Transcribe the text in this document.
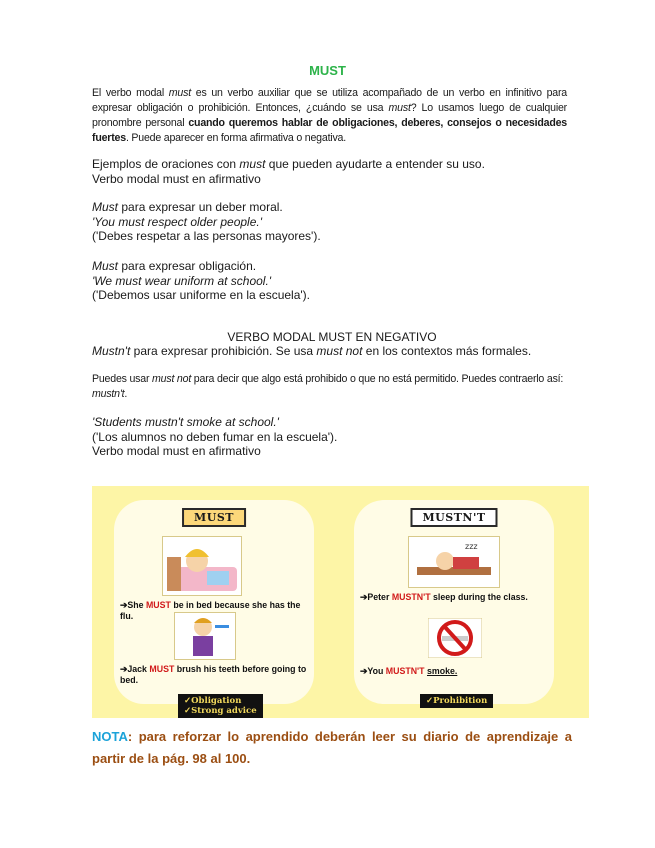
MUST
El verbo modal must es un verbo auxiliar que se utiliza acompañado de un verbo en infinitivo para expresar obligación o prohibición. Entonces, ¿cuándo se usa must? Lo usamos luego de cualquier pronombre personal cuando queremos hablar de obligaciones, deberes, consejos o necesidades fuertes. Puede aparecer en forma afirmativa o negativa.

Ejemplos de oraciones con must que pueden ayudarte a entender su uso.

Verbo modal must en afirmativo

Must para expresar un deber moral.

'You must respect older people.'

('Debes respetar a las personas mayores').

Must para expresar obligación.

'We must wear uniform at school.'

('Debemos usar uniforme en la escuela').

VERBO MODAL MUST EN NEGATIVO
Mustn't para expresar prohibición. Se usa must not en los contextos más formales.
Puedes usar must not para decir que algo está prohibido o que no está permitido. Puedes contraerlo así: mustn't.

'Students mustn't smoke at school.'

('Los alumnos no deben fumar en la escuela').

Verbo modal must en afirmativo

MUST
➔She MUST be in bed because she has the flu.
➔Jack MUST brush his teeth before going to bed.
✓Obligation
✓Strong advice
MUSTN'T
zzz
➔Peter MUSTN'T sleep during the class.
➔You MUSTN'T smoke.
✓Prohibition
NOTA: para reforzar lo aprendido deberán leer su diario de aprendizaje a partir de la pág. 98 al 100.
